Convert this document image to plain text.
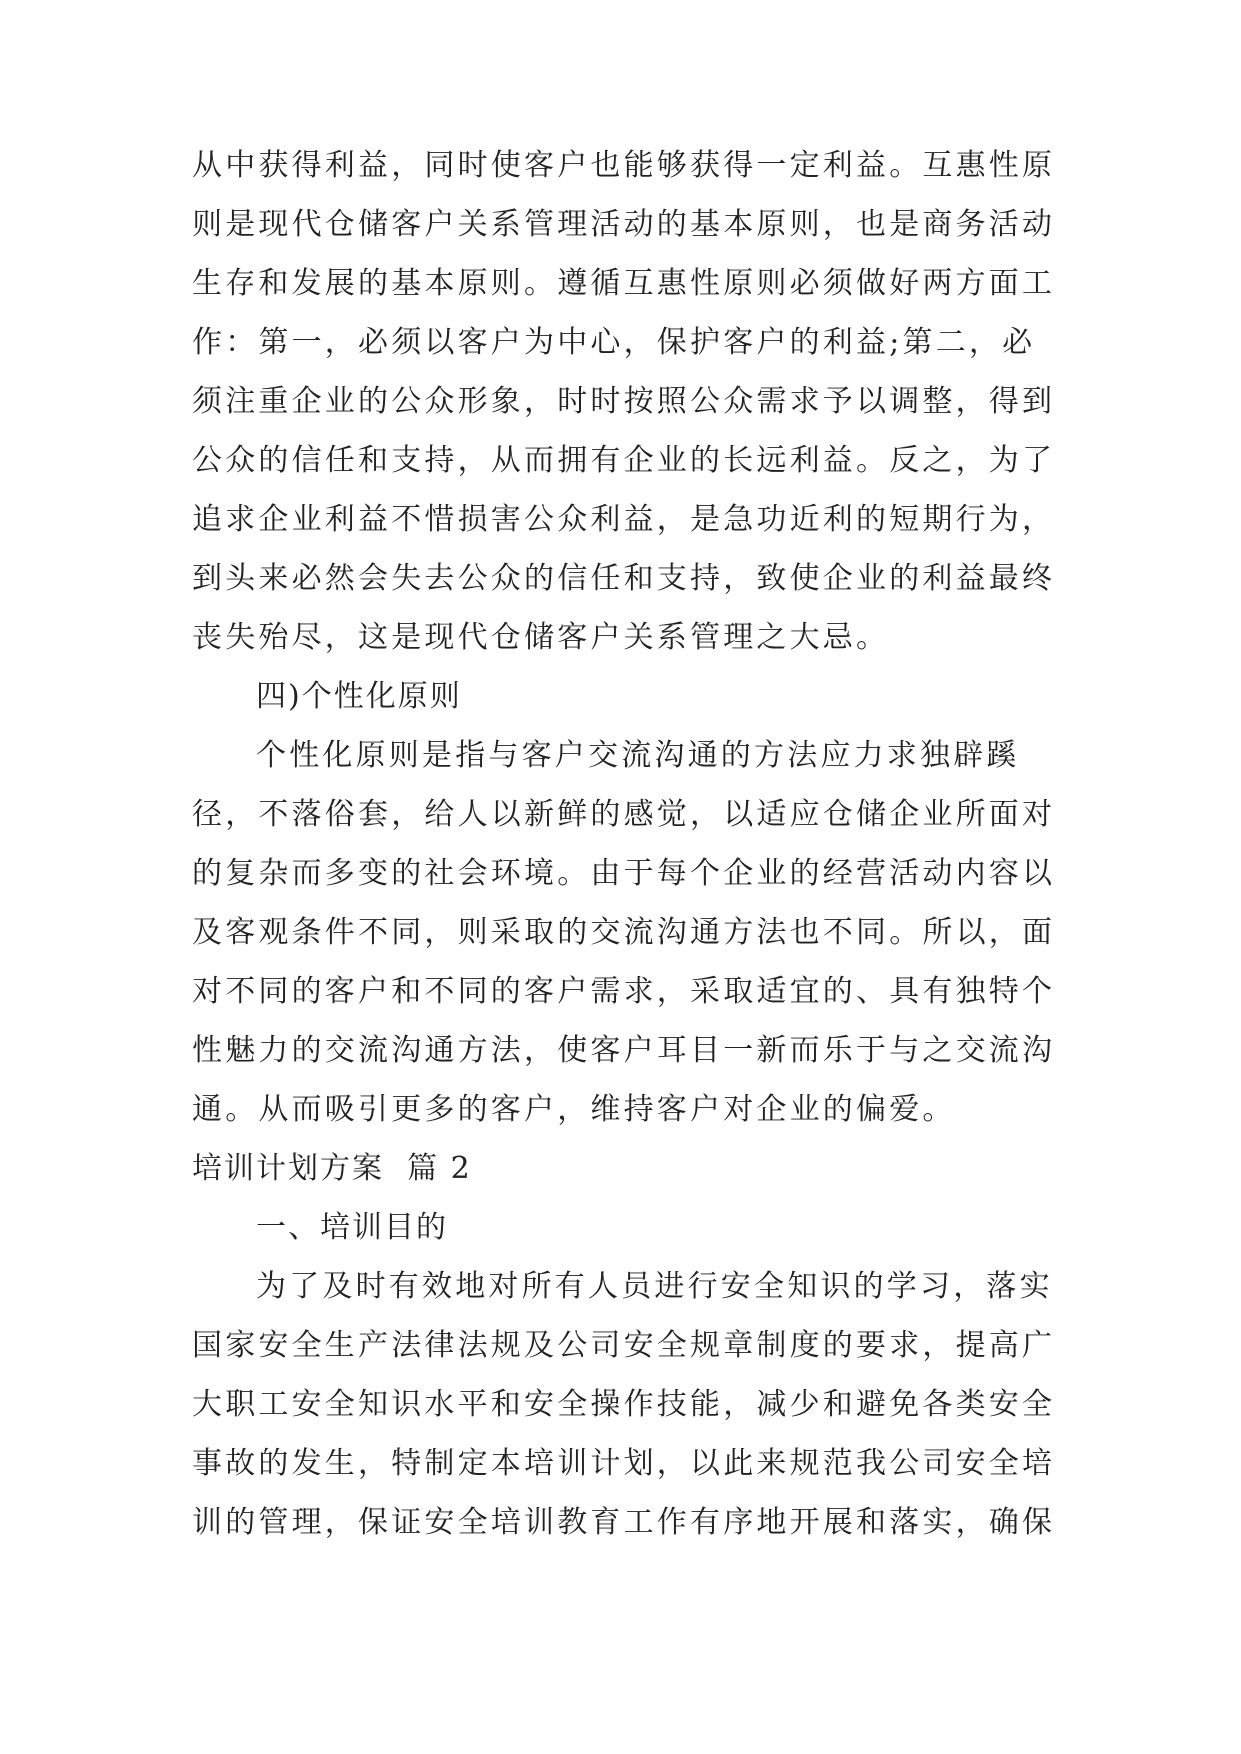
从中获得利益，同时使客户也能够获得一定利益。互惠性原
则是现代仓储客户关系管理活动的基本原则，也是商务活动
生存和发展的基本原则。遵循互惠性原则必须做好两方面工
作：第一，必须以客户为中心，保护客户的利益;第二，必
须注重企业的公众形象，时时按照公众需求予以调整，得到
公众的信任和支持，从而拥有企业的长远利益。反之，为了
追求企业利益不惜损害公众利益，是急功近利的短期行为，
到头来必然会失去公众的信任和支持，致使企业的利益最终
丧失殆尽，这是现代仓储客户关系管理之大忌。
四)个性化原则
个性化原则是指与客户交流沟通的方法应力求独辟蹊
径，不落俗套，给人以新鲜的感觉，以适应仓储企业所面对
的复杂而多变的社会环境。由于每个企业的经营活动内容以
及客观条件不同，则采取的交流沟通方法也不同。所以，面
对不同的客户和不同的客户需求，采取适宜的、具有独特个
性魅力的交流沟通方法，使客户耳目一新而乐于与之交流沟
通。从而吸引更多的客户，维持客户对企业的偏爱。
培训计划方案  篇 2
一、培训目的
为了及时有效地对所有人员进行安全知识的学习，落实
国家安全生产法律法规及公司安全规章制度的要求，提高广
大职工安全知识水平和安全操作技能，减少和避免各类安全
事故的发生，特制定本培训计划，以此来规范我公司安全培
训的管理，保证安全培训教育工作有序地开展和落实，确保
